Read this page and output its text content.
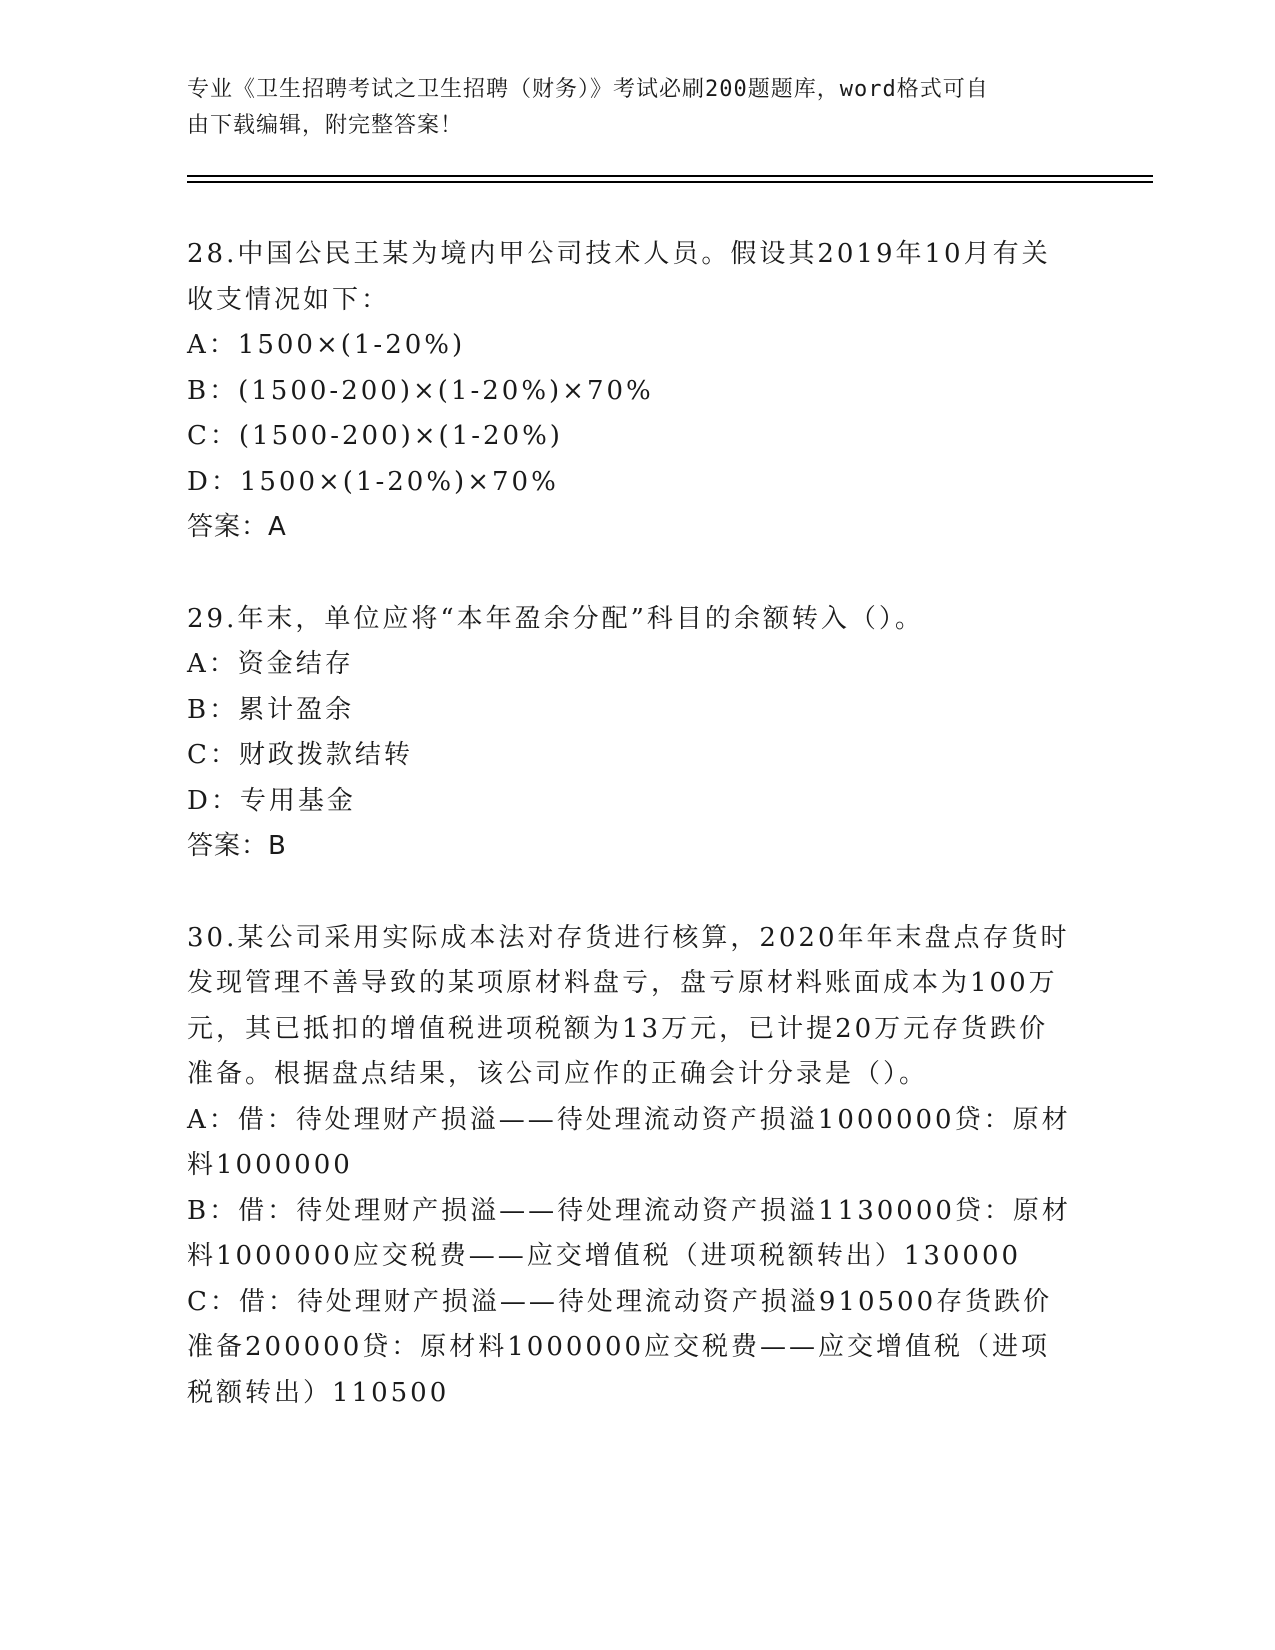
专业《卫生招聘考试之卫生招聘（财务）》考试必刷200题题库，word格式可自
由下载编辑，附完整答案！

28.中国公民王某为境内甲公司技术人员。假设其2019年10月有关收支情况如下：

A：1500×(1-20%)

B：(1500-200)×(1-20%)×70%

C：(1500-200)×(1-20%)

D：1500×(1-20%)×70%

答案：A

29.年末，单位应将“本年盈余分配”科目的余额转入（）。

A：资金结存

B：累计盈余

C：财政拨款结转

D：专用基金

答案：B

30.某公司采用实际成本法对存货进行核算，2020年年末盘点存货时发现管理不善导致的某项原材料盘亏，盘亏原材料账面成本为100万元，其已抵扣的增值税进项税额为13万元，已计提20万元存货跌价准备。根据盘点结果，该公司应作的正确会计分录是（）。

A：借：待处理财产损溢——待处理流动资产损溢1000000贷：原材料1000000

B：借：待处理财产损溢——待处理流动资产损溢1130000贷：原材料1000000应交税费——应交增值税（进项税额转出）130000

C：借：待处理财产损溢——待处理流动资产损溢910500存货跌价准备200000贷：原材料1000000应交税费——应交增值税（进项税额转出）110500
